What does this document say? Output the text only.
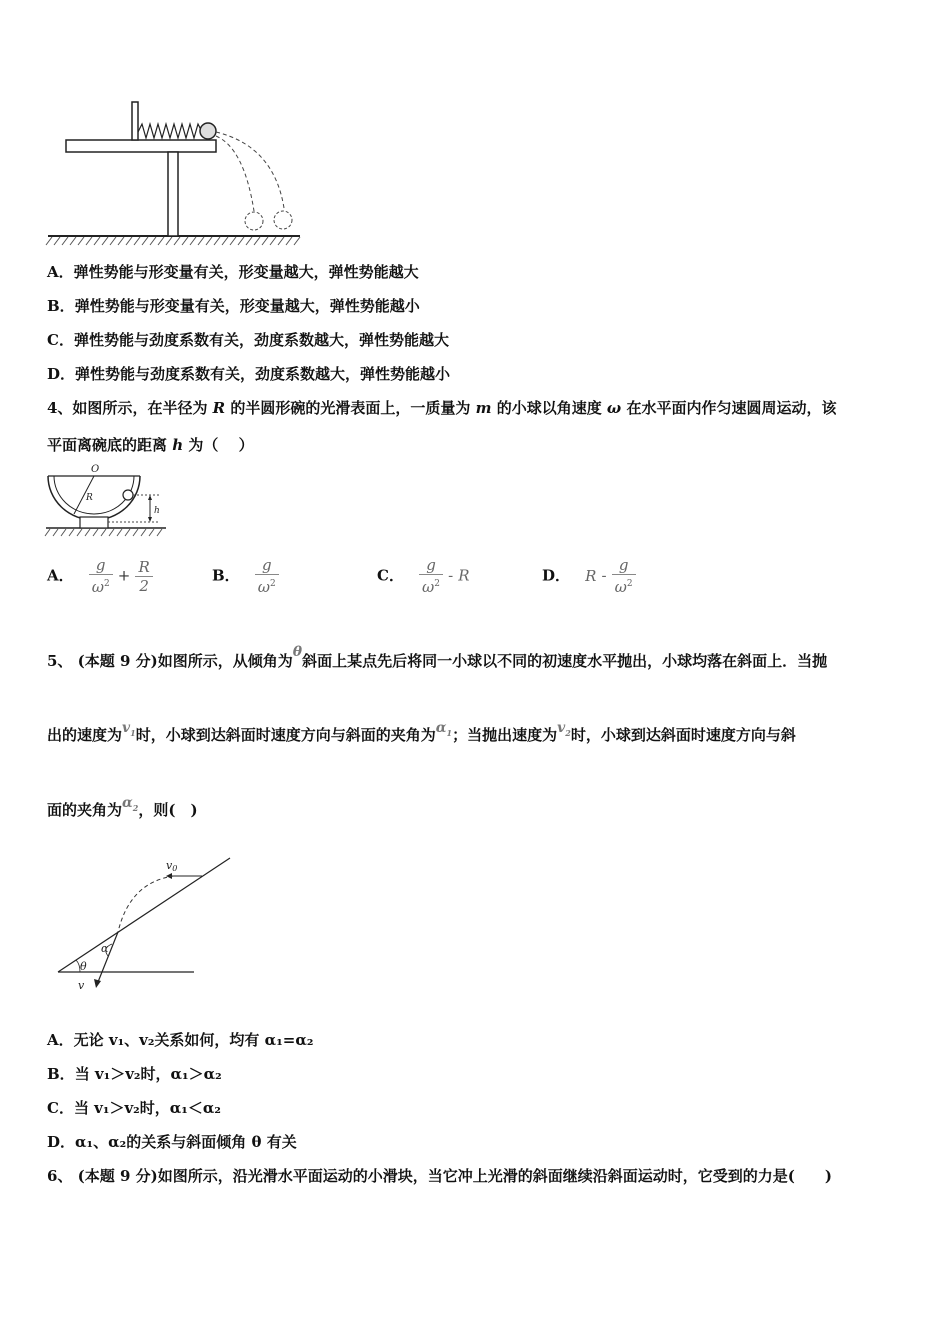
A．弹性势能与形变量有关，形变量越大，弹性势能越大
B．弹性势能与形变量有关，形变量越大，弹性势能越小
C．弹性势能与劲度系数有关，劲度系数越大，弹性势能越大
D．弹性势能与劲度系数有关，劲度系数越大，弹性势能越小
4、如图所示，在半径为 R 的半圆形碗的光滑表面上，一质量为 m 的小球以角速度 ω 在水平面内作匀速圆周运动，该
平面离碗底的距离 h 为（　 ）
O
R
h
A． $\frac{g}{\omega^2} + \frac{R}{2}$	B． $\frac{g}{\omega^2}$	C． $\frac{g}{\omega^2}$ - R	D． R - $\frac{g}{\omega^2}$
5、 (本题 9 分)如图所示，从倾角为θ斜面上某点先后将同一小球以不同的初速度水平抛出，小球均落在斜面上．当抛
出的速度为$v_1$时，小球到达斜面时速度方向与斜面的夹角为$\alpha_1$；当抛出速度为$v_2$时，小球到达斜面时速度方向与斜
面的夹角为$\alpha_2$，则(　)
v0
v
α
θ
A．无论 v₁、v₂关系如何，均有 α₁=α₂
B．当 v₁＞v₂时，α₁＞α₂
C．当 v₁＞v₂时，α₁＜α₂
D．α₁、α₂的关系与斜面倾角 θ 有关
6、 (本题 9 分)如图所示，沿光滑水平面运动的小滑块，当它冲上光滑的斜面继续沿斜面运动时，它受到的力是(　　)
